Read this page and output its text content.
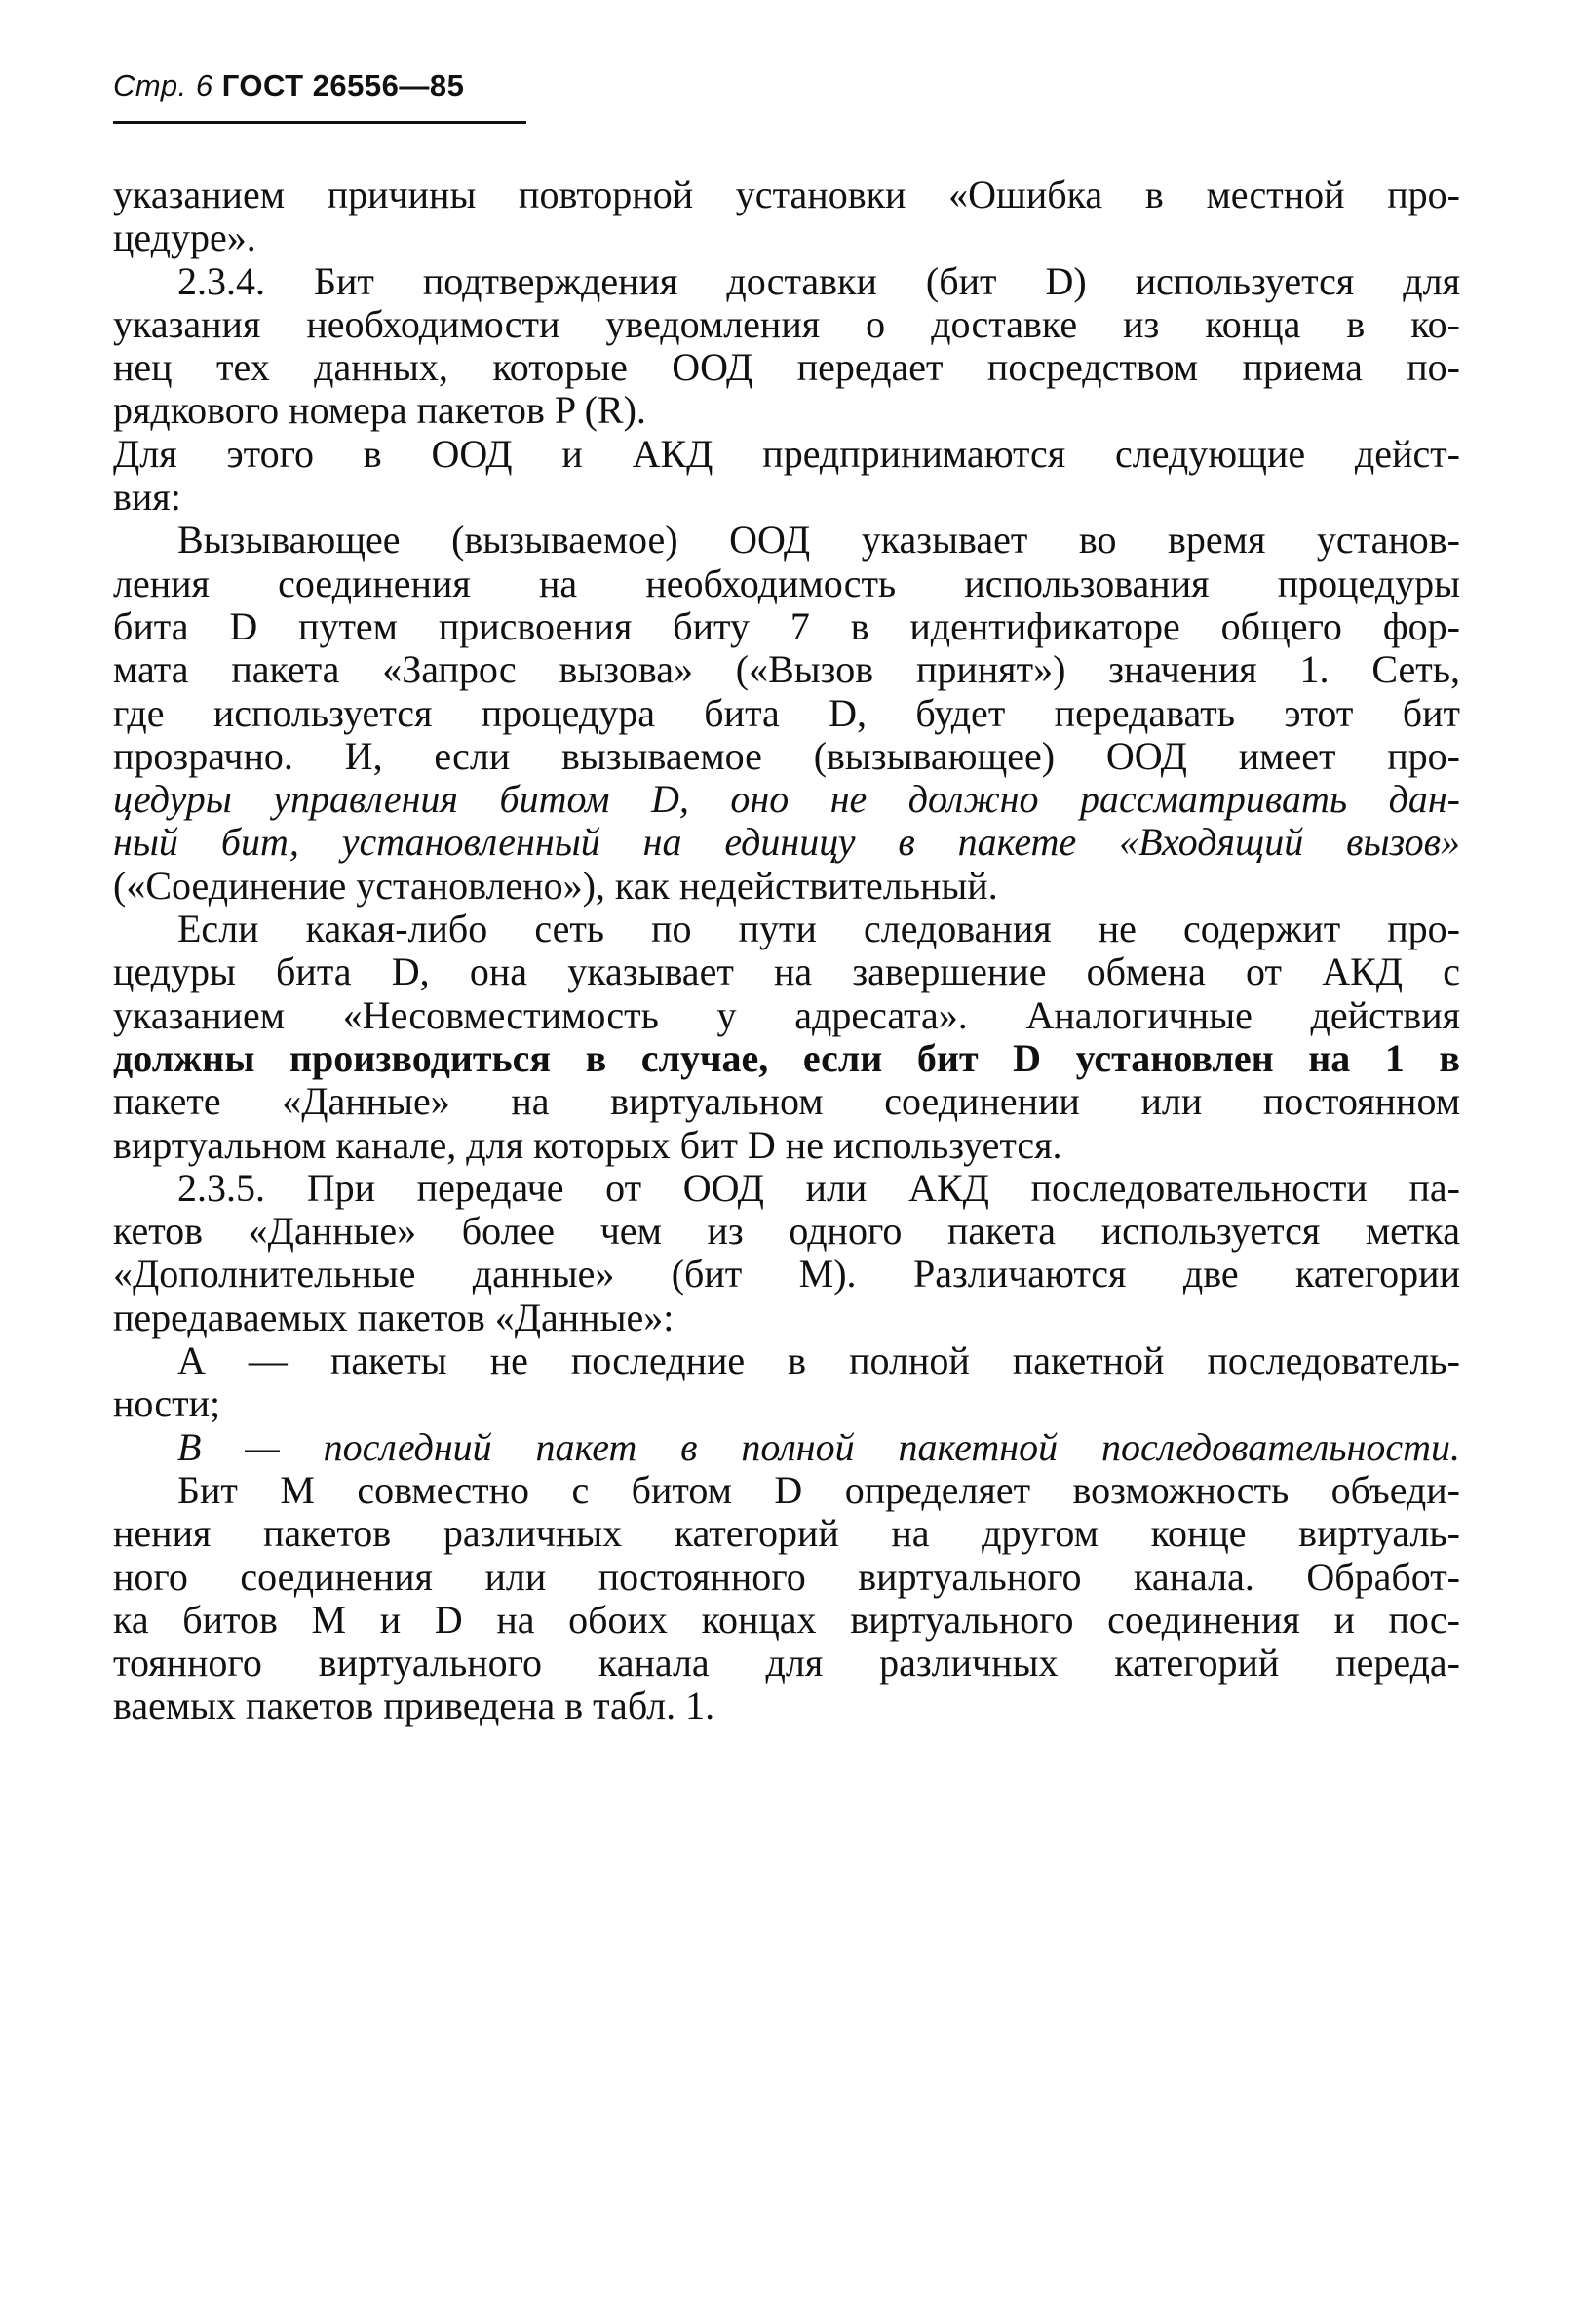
Стр. 6 ГОСТ 26556—85
указанием причины повторной установки «Ошибка в местной про-
цедуре».
2.3.4. Бит подтверждения доставки (бит D) используется для
указания необходимости уведомления о доставке из конца в ко-
нец тех данных, которые ООД передает посредством приема по-
рядкового номера пакетов P (R).
Для этого в ООД и АКД предпринимаются следующие дейст-
вия:
Вызывающее (вызываемое) ООД указывает во время установ-
ления соединения на необходимость использования процедуры
бита D путем присвоения биту 7 в идентификаторе общего фор-
мата пакета «Запрос вызова» («Вызов принят») значения 1. Сеть,
где используется процедура бита D, будет передавать этот бит
прозрачно. И, если вызываемое (вызывающее) ООД имеет про-
цедуры управления битом D, оно не должно рассматривать дан-
ный бит, установленный на единицу в пакете «Входящий вызов»
(«Соединение установлено»), как недействительный.
Если какая-либо сеть по пути следования не содержит про-
цедуры бита D, она указывает на завершение обмена от АКД с
указанием «Несовместимость у адресата». Аналогичные действия
должны производиться в случае, если бит D установлен на 1 в
пакете «Данные» на виртуальном соединении или постоянном
виртуальном канале, для которых бит D не используется.
2.3.5. При передаче от ООД или АКД последовательности па-
кетов «Данные» более чем из одного пакета используется метка
«Дополнительные данные» (бит М). Различаются две категории
передаваемых пакетов «Данные»:
А — пакеты не последние в полной пакетной последователь-
ности;
В — последний пакет в полной пакетной последовательности.
Бит М совместно с битом D определяет возможность объеди-
нения пакетов различных категорий на другом конце виртуаль-
ного соединения или постоянного виртуального канала. Обработ-
ка битов М и D на обоих концах виртуального соединения и пос-
тоянного виртуального канала для различных категорий переда-
ваемых пакетов приведена в табл. 1.
